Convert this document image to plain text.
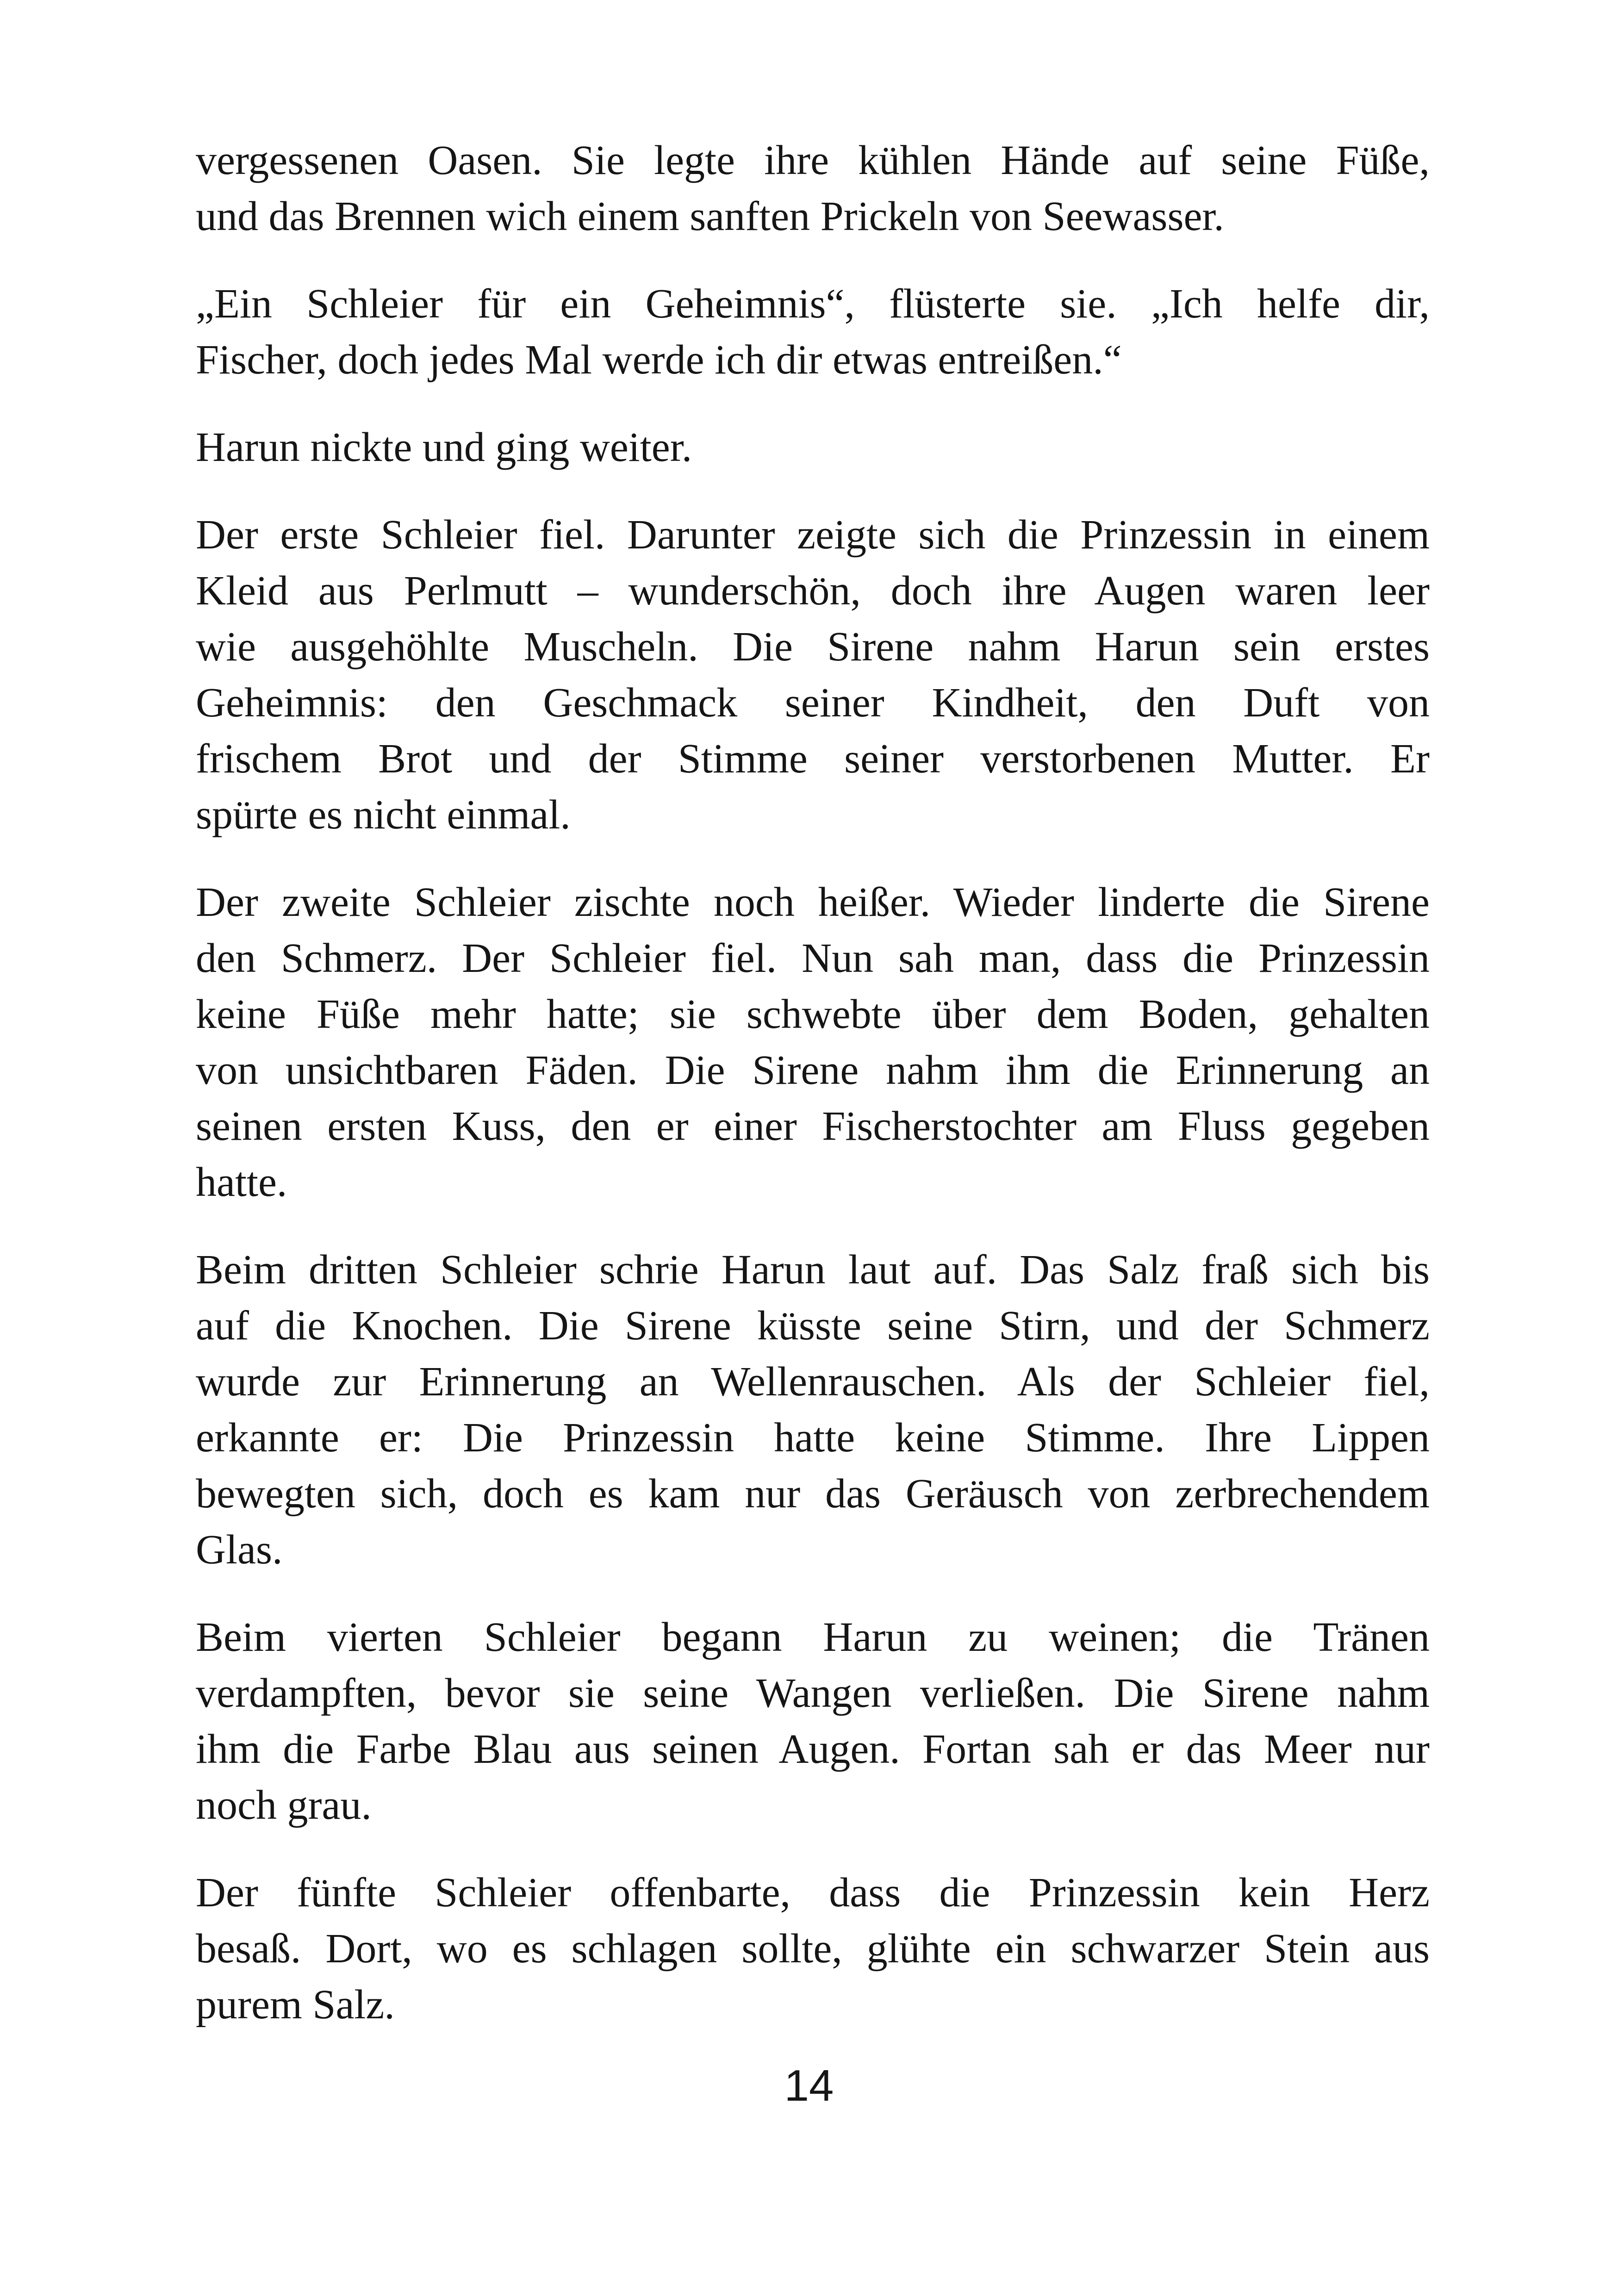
vergessenen Oasen. Sie legte ihre kühlen Hände auf seine Füße,
und das Brennen wich einem sanften Prickeln von Seewasser.
„Ein Schleier für ein Geheimnis“, flüsterte sie. „Ich helfe dir,
Fischer, doch jedes Mal werde ich dir etwas entreißen.“
Harun nickte und ging weiter.
Der erste Schleier fiel. Darunter zeigte sich die Prinzessin in einem
Kleid aus Perlmutt – wunderschön, doch ihre Augen waren leer
wie ausgehöhlte Muscheln. Die Sirene nahm Harun sein erstes
Geheimnis: den Geschmack seiner Kindheit, den Duft von
frischem Brot und der Stimme seiner verstorbenen Mutter. Er
spürte es nicht einmal.
Der zweite Schleier zischte noch heißer. Wieder linderte die Sirene
den Schmerz. Der Schleier fiel. Nun sah man, dass die Prinzessin
keine Füße mehr hatte; sie schwebte über dem Boden, gehalten
von unsichtbaren Fäden. Die Sirene nahm ihm die Erinnerung an
seinen ersten Kuss, den er einer Fischerstochter am Fluss gegeben
hatte.
Beim dritten Schleier schrie Harun laut auf. Das Salz fraß sich bis
auf die Knochen. Die Sirene küsste seine Stirn, und der Schmerz
wurde zur Erinnerung an Wellenrauschen. Als der Schleier fiel,
erkannte er: Die Prinzessin hatte keine Stimme. Ihre Lippen
bewegten sich, doch es kam nur das Geräusch von zerbrechendem
Glas.
Beim vierten Schleier begann Harun zu weinen; die Tränen
verdampften, bevor sie seine Wangen verließen. Die Sirene nahm
ihm die Farbe Blau aus seinen Augen. Fortan sah er das Meer nur
noch grau.
Der fünfte Schleier offenbarte, dass die Prinzessin kein Herz
besaß. Dort, wo es schlagen sollte, glühte ein schwarzer Stein aus
purem Salz.
14
